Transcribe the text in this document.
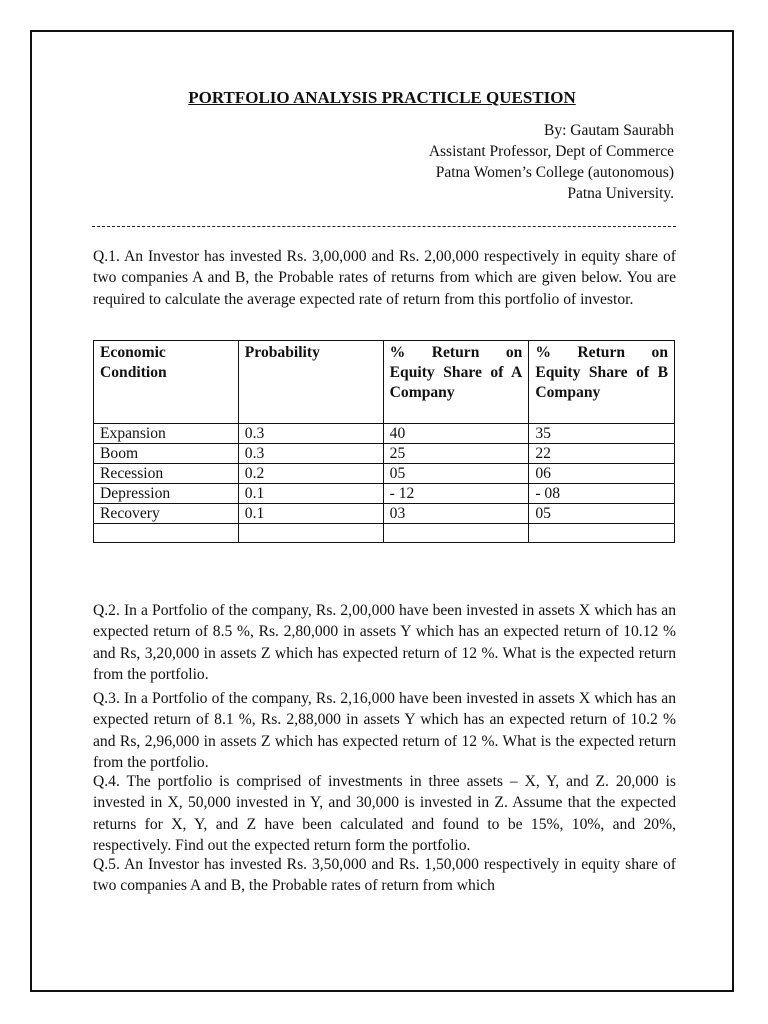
PORTFOLIO ANALYSIS PRACTICLE QUESTION
By: Gautam Saurabh
Assistant Professor, Dept of Commerce
Patna Women’s College (autonomous)
Patna University.
Q.1. An Investor has invested Rs. 3,00,000 and Rs. 2,00,000 respectively in equity share of two companies A and B, the Probable rates of returns from which are given below. You are required to calculate the average expected rate of return from this portfolio of investor.
Economic Condition	Probability	% Return on Equity Share of A Company	% Return on Equity Share of B Company
Expansion	0.3	40	35
Boom	0.3	25	22
Recession	0.2	05	06
Depression	0.1	- 12	- 08
Recovery	0.1	03	05

Q.2. In a Portfolio of the company, Rs. 2,00,000 have been invested in assets X which has an expected return of 8.5 %, Rs. 2,80,000 in assets Y which has an expected return of 10.12 % and Rs, 3,20,000 in assets Z which has expected return of 12 %. What is the expected return from the portfolio.
Q.3. In a Portfolio of the company, Rs. 2,16,000 have been invested in assets X which has an expected return of 8.1 %, Rs. 2,88,000 in assets Y which has an expected return of 10.2 % and Rs, 2,96,000 in assets Z which has expected return of 12 %. What is the expected return from the portfolio.
Q.4. The portfolio is comprised of investments in three assets – X, Y, and Z. 20,000 is invested in X, 50,000 invested in Y, and 30,000 is invested in Z. Assume that the expected returns for X, Y, and Z have been calculated and found to be 15%, 10%, and 20%, respectively. Find out the expected return form the portfolio.
Q.5. An Investor has invested Rs. 3,50,000 and Rs. 1,50,000 respectively in equity share of two companies A and B, the Probable rates of return from which
